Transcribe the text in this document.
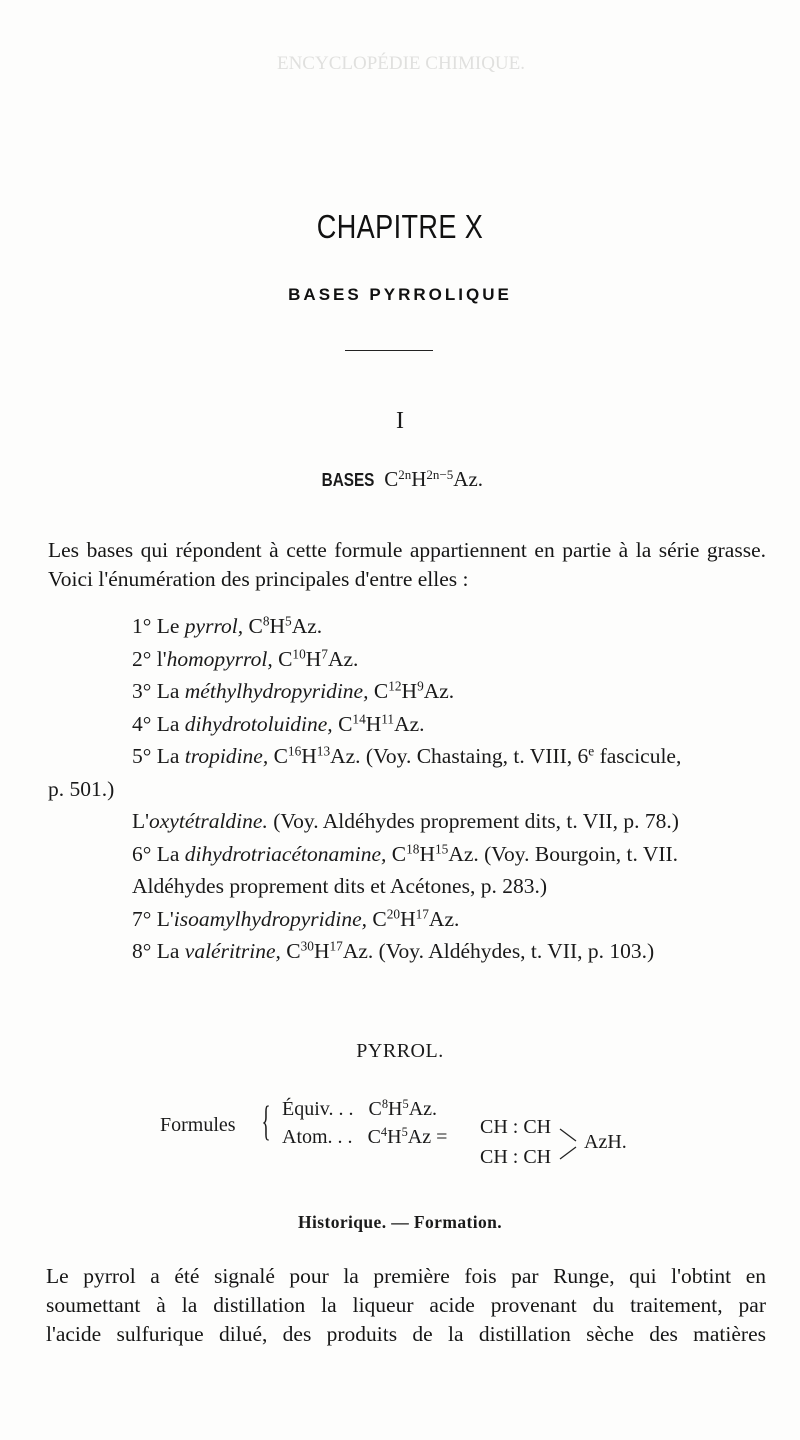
ENCYCLOPÉDIE CHIMIQUE.
CHAPITRE X
BASES PYRROLIQUE
I
BASES $C^{2n}H^{2n-5}Az$.
Les bases qui répondent à cette formule appartiennent en partie à la série grasse. Voici l'énumération des principales d'entre elles :
1° Le pyrrol, $C^8H^5Az$.
2° l'homopyrrol, $C^{10}H^7Az$.
3° La méthylhydropyridine, $C^{12}H^9Az$.
4° La dihydrotoluidine, $C^{14}H^{11}Az$.
5° La tropidine, $C^{16}H^{13}Az$. (Voy. Chastaing, t. VIII, 6e fascicule,
p. 501.)
L'oxytétraldine. (Voy. Aldéhydes proprement dits, t. VII, p. 78.)
6° La dihydrotriacétonamine, $C^{18}H^{15}Az$. (Voy. Bourgoin, t. VII.
Aldéhydes proprement dits et Acétones, p. 283.)
7° L'isoamylhydropyridine, $C^{20}H^{17}Az$.
8° La valéritrine, $C^{30}H^{17}Az$. (Voy. Aldéhydes, t. VII, p. 103.)
PYRROL.
Formules { Équiv. . .   $C^8H^5Az$.
Atom. . .   $C^4H^5Az$ = CH : CH
CH : CH
AzH.
Historique. — Formation.
Le pyrrol a été signalé pour la première fois par Runge, qui l'obtint en
soumettant à la distillation la liqueur acide provenant du traitement, par
l'acide sulfurique dilué, des produits de la distillation sèche des matières
